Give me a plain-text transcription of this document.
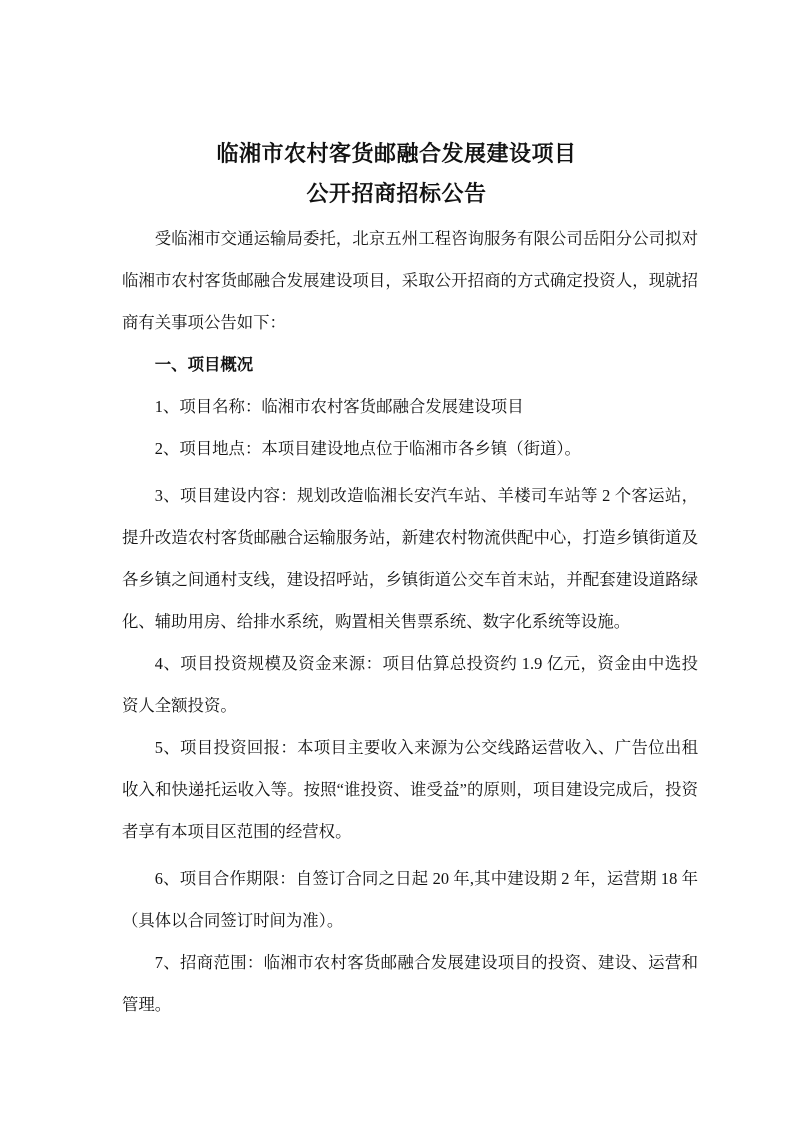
临湘市农村客货邮融合发展建设项目
公开招商招标公告

受临湘市交通运输局委托，北京五州工程咨询服务有限公司岳阳分公司拟对临湘市农村客货邮融合发展建设项目，采取公开招商的方式确定投资人，现就招商有关事项公告如下：

一、项目概况

1、项目名称：临湘市农村客货邮融合发展建设项目

2、项目地点：本项目建设地点位于临湘市各乡镇（街道）。

3、项目建设内容：规划改造临湘长安汽车站、羊楼司车站等 2 个客运站，提升改造农村客货邮融合运输服务站，新建农村物流供配中心，打造乡镇街道及各乡镇之间通村支线，建设招呼站，乡镇街道公交车首末站，并配套建设道路绿化、辅助用房、给排水系统，购置相关售票系统、数字化系统等设施。

4、项目投资规模及资金来源：项目估算总投资约 1.9 亿元，资金由中选投资人全额投资。

5、项目投资回报：本项目主要收入来源为公交线路运营收入、广告位出租收入和快递托运收入等。按照“谁投资、谁受益”的原则，项目建设完成后，投资者享有本项目区范围的经营权。

6、项目合作期限：自签订合同之日起 20 年,其中建设期 2 年，运营期 18 年（具体以合同签订时间为准）。

7、招商范围：临湘市农村客货邮融合发展建设项目的投资、建设、运营和管理。
